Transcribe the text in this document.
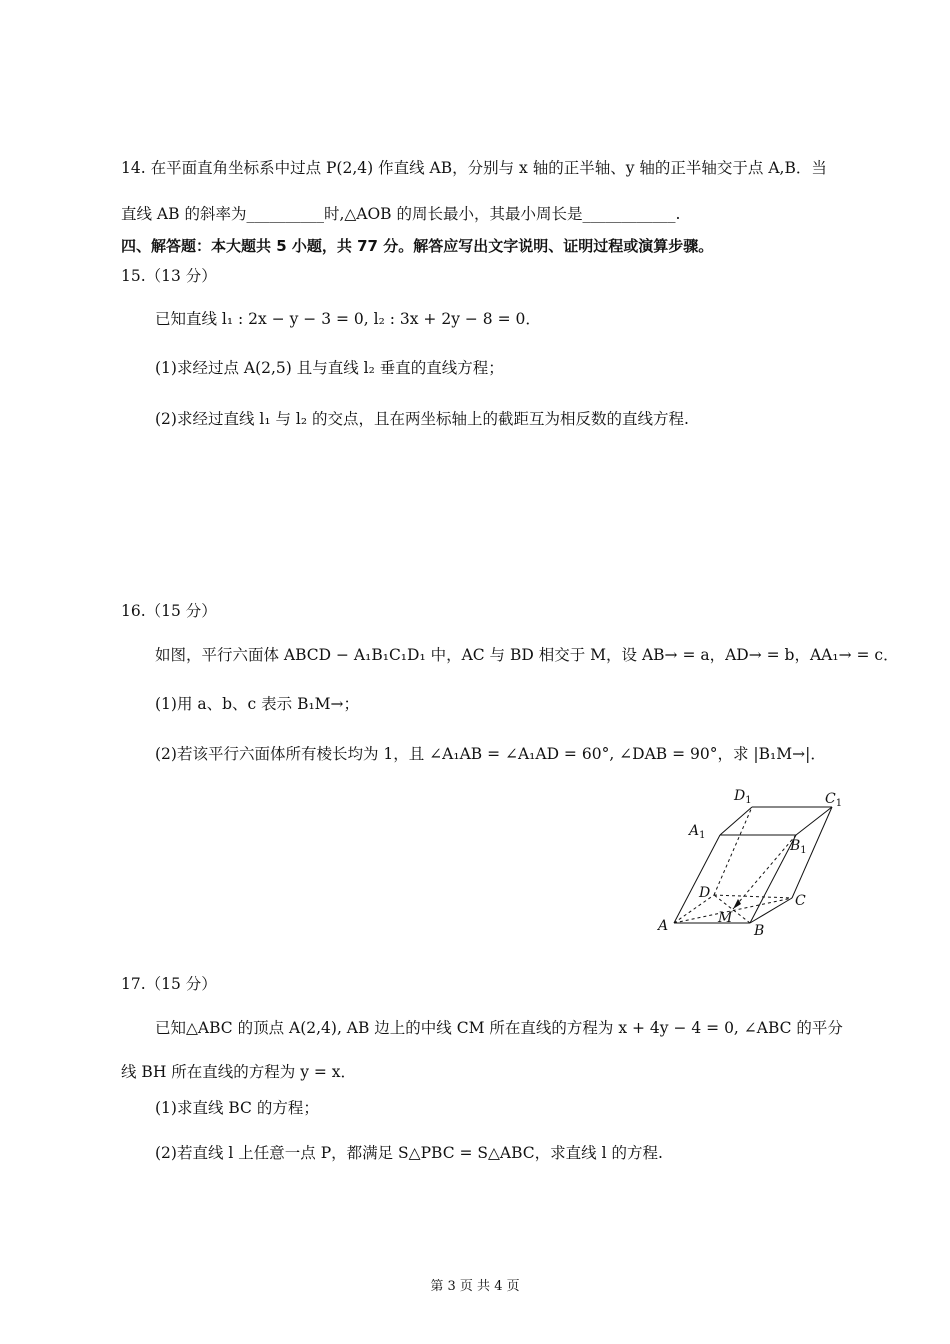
14. 在平面直角坐标系中过点 P(2,4) 作直线 AB，分别与 x 轴的正半轴、y 轴的正半轴交于点 A,B．当
直线 AB 的斜率为__________时,△AOB 的周长最小，其最小周长是____________.
四、解答题：本大题共 5 小题，共 77 分。解答应写出文字说明、证明过程或演算步骤。
15.（13 分）
已知直线 l₁ : 2x − y − 3 = 0, l₂ : 3x + 2y − 8 = 0．
(1)求经过点 A(2,5) 且与直线 l₂ 垂直的直线方程；
(2)求经过直线 l₁ 与 l₂ 的交点，且在两坐标轴上的截距互为相反数的直线方程.
16.（15 分）
如图，平行六面体 ABCD − A₁B₁C₁D₁ 中，AC 与 BD 相交于 M，设 AB→ = a，AD→ = b，AA₁→ = c．
(1)用 a、b、c 表示 B₁M→；
(2)若该平行六面体所有棱长均为 1，且 ∠A₁AB = ∠A₁AD = 60°, ∠DAB = 90°，求 |B₁M→|．
A	B
C
D
M
$A_1$
$B_1$
$C_1$
$D_1$
17.（15 分）
已知△ABC 的顶点 A(2,4), AB 边上的中线 CM 所在直线的方程为 x + 4y − 4 = 0, ∠ABC 的平分
线 BH 所在直线的方程为 y = x．
(1)求直线 BC 的方程；
(2)若直线 l 上任意一点 P，都满足 S△PBC = S△ABC，求直线 l 的方程.
第 3 页 共 4 页
